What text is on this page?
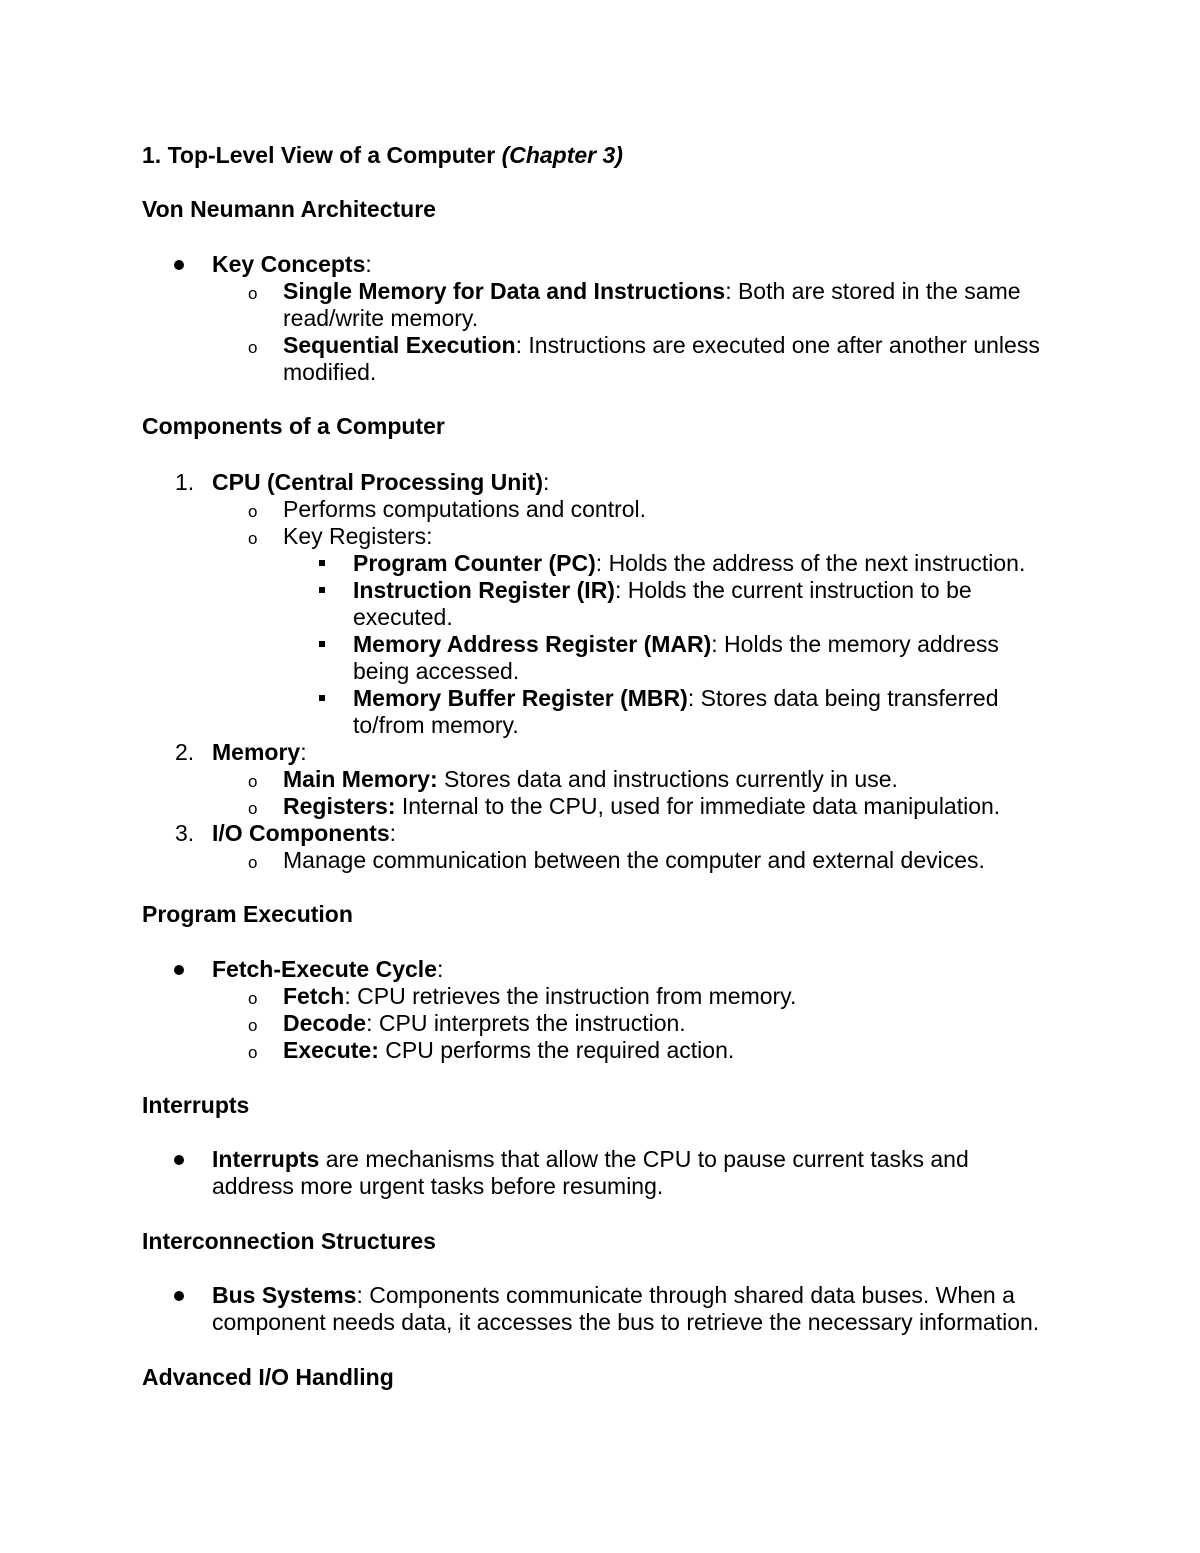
1. Top-Level View of a Computer (Chapter 3)
Von Neumann Architecture
Key Concepts:
o Single Memory for Data and Instructions: Both are stored in the same
read/write memory.
o Sequential Execution: Instructions are executed one after another unless
modified.
Components of a Computer
1. CPU (Central Processing Unit):
o Performs computations and control.
o Key Registers:
Program Counter (PC): Holds the address of the next instruction.
Instruction Register (IR): Holds the current instruction to be
executed.
Memory Address Register (MAR): Holds the memory address
being accessed.
Memory Buffer Register (MBR): Stores data being transferred
to/from memory.
2. Memory:
o Main Memory: Stores data and instructions currently in use.
o Registers: Internal to the CPU, used for immediate data manipulation.
3. I/O Components:
o Manage communication between the computer and external devices.
Program Execution
Fetch-Execute Cycle:
o Fetch: CPU retrieves the instruction from memory.
o Decode: CPU interprets the instruction.
o Execute: CPU performs the required action.
Interrupts
Interrupts are mechanisms that allow the CPU to pause current tasks and
address more urgent tasks before resuming.
Interconnection Structures
Bus Systems: Components communicate through shared data buses. When a
component needs data, it accesses the bus to retrieve the necessary information.
Advanced I/O Handling
